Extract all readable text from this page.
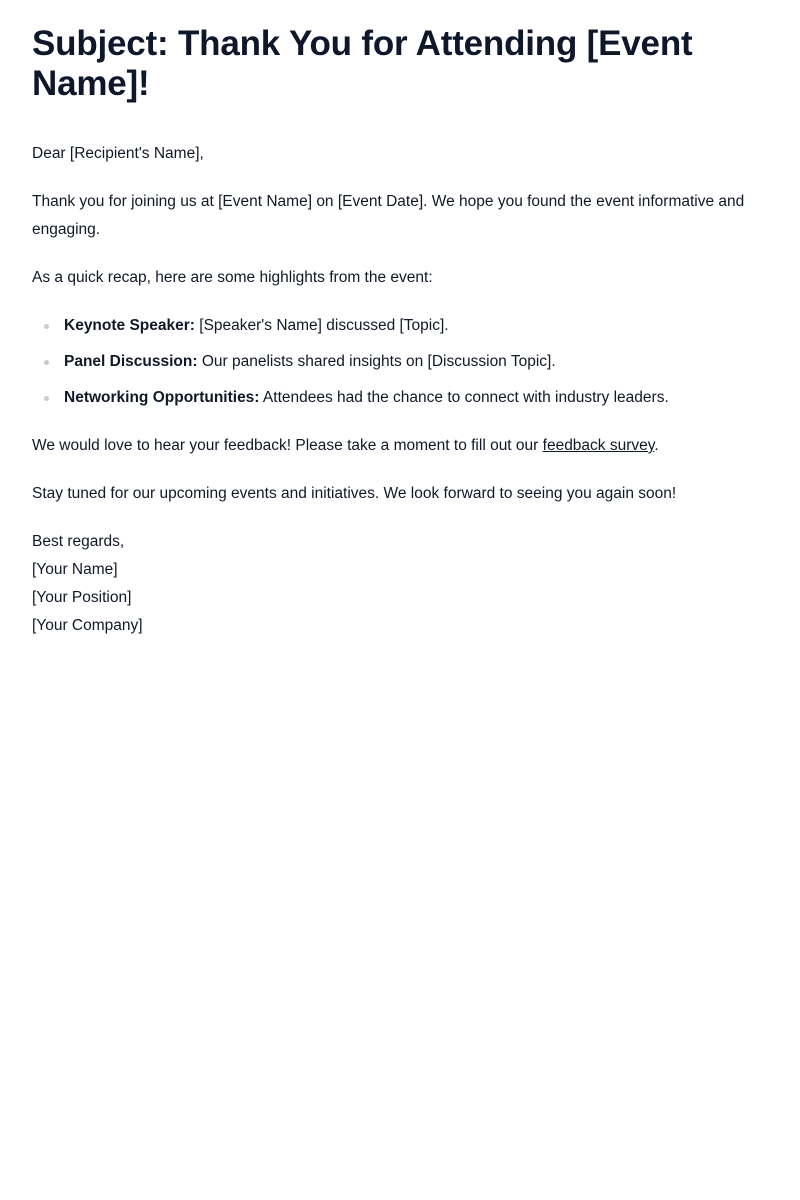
Subject: Thank You for Attending [Event Name]!

Dear [Recipient's Name],

Thank you for joining us at [Event Name] on [Event Date]. We hope you found the event informative and engaging.

As a quick recap, here are some highlights from the event:

Keynote Speaker: [Speaker's Name] discussed [Topic].
Panel Discussion: Our panelists shared insights on [Discussion Topic].
Networking Opportunities: Attendees had the chance to connect with industry leaders.

We would love to hear your feedback! Please take a moment to fill out our feedback survey.

Stay tuned for our upcoming events and initiatives. We look forward to seeing you again soon!

Best regards,
[Your Name]
[Your Position]
[Your Company]
